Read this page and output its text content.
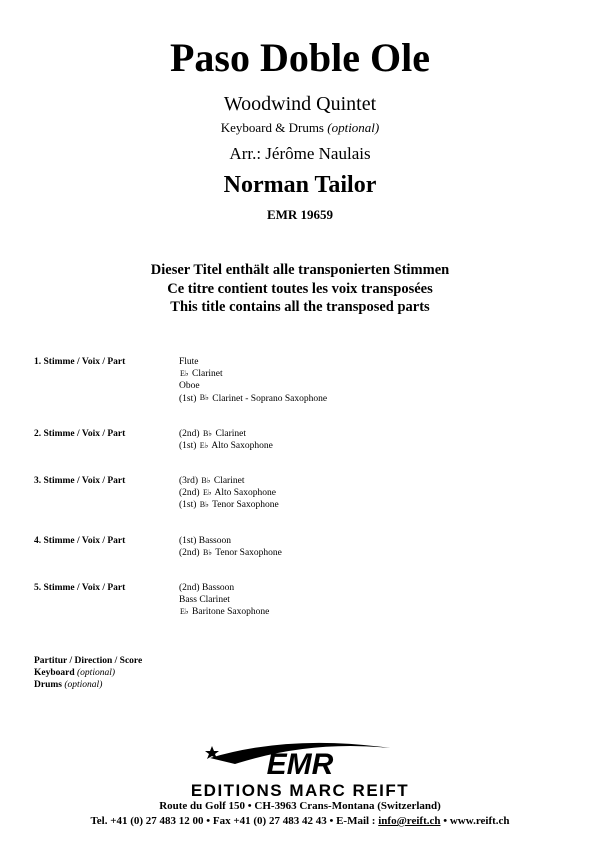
Paso Doble Ole
Woodwind Quintet
Keyboard & Drums (optional)
Arr.: Jérôme Naulais
Norman Tailor
EMR 19659
Dieser Titel enthält alle transponierten Stimmen
Ce titre contient toutes les voix transposées
This title contains all the transposed parts
1. Stimme / Voix / Part	Flute
E♭ Clarinet
Oboe
(1st) B♭ Clarinet - Soprano Saxophone
2. Stimme / Voix / Part	(2nd) B♭ Clarinet
(1st) E♭ Alto Saxophone
3. Stimme / Voix / Part	(3rd) B♭ Clarinet
(2nd) E♭ Alto Saxophone
(1st) B♭ Tenor Saxophone
4. Stimme / Voix / Part	(1st) Bassoon
(2nd) B♭ Tenor Saxophone
5. Stimme / Voix / Part	(2nd) Bassoon
Bass Clarinet
E♭ Baritone Saxophone
Partitur / Direction / Score
Keyboard (optional)
Drums (optional)
EMR
EDITIONS MARC REIFT
Route du Golf 150 • CH-3963 Crans-Montana (Switzerland)
Tel. +41 (0) 27 483 12 00 • Fax +41 (0) 27 483 42 43 • E-Mail : info@reift.ch • www.reift.ch
